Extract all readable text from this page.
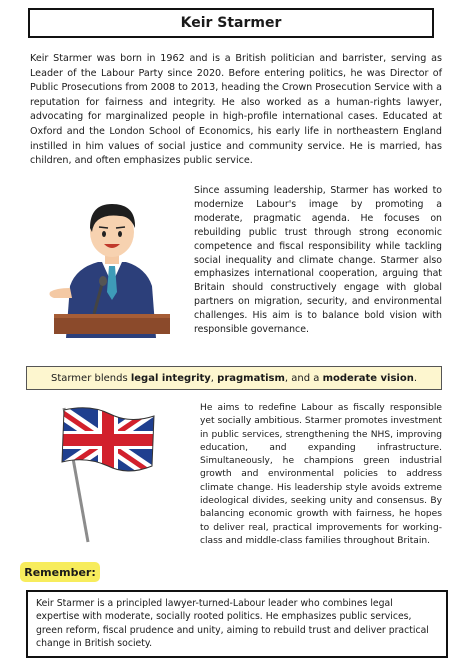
Keir Starmer

Keir Starmer was born in 1962 and is a British politician and barrister, serving as Leader of the Labour Party since 2020. Before entering politics, he was Director of Public Prosecutions from 2008 to 2013, heading the Crown Prosecution Service with a reputation for fairness and integrity. He also worked as a human-rights lawyer, advocating for marginalized people in high-profile international cases. Educated at Oxford and the London School of Economics, his early life in northeastern England instilled in him values of social justice and community service. He is married, has children, and often emphasizes public service.

Since assuming leadership, Starmer has worked to modernize Labour's image by promoting a moderate, pragmatic agenda. He focuses on rebuilding public trust through strong economic competence and fiscal responsibility while tackling social inequality and climate change. Starmer also emphasizes international cooperation, arguing that Britain should constructively engage with global partners on migration, security, and environmental challenges. His aim is to balance bold vision with responsible governance.

Starmer blends legal integrity , pragmatism , and a moderate vision .

He aims to redefine Labour as fiscally responsible yet socially ambitious. Starmer promotes investment in public services, strengthening the NHS, improving education, and expanding infrastructure. Simultaneously, he champions green industrial growth and environmental policies to address climate change. His leadership style avoids extreme ideological divides, seeking unity and consensus. By balancing economic growth with fairness, he hopes to deliver real, practical improvements for working-class and middle-class families throughout Britain.

Remember:

Keir Starmer is a principled lawyer-turned-Labour leader who combines legal expertise with moderate, socially rooted politics. He emphasizes public services, green reform, fiscal prudence and unity, aiming to rebuild trust and deliver practical change in British society.
